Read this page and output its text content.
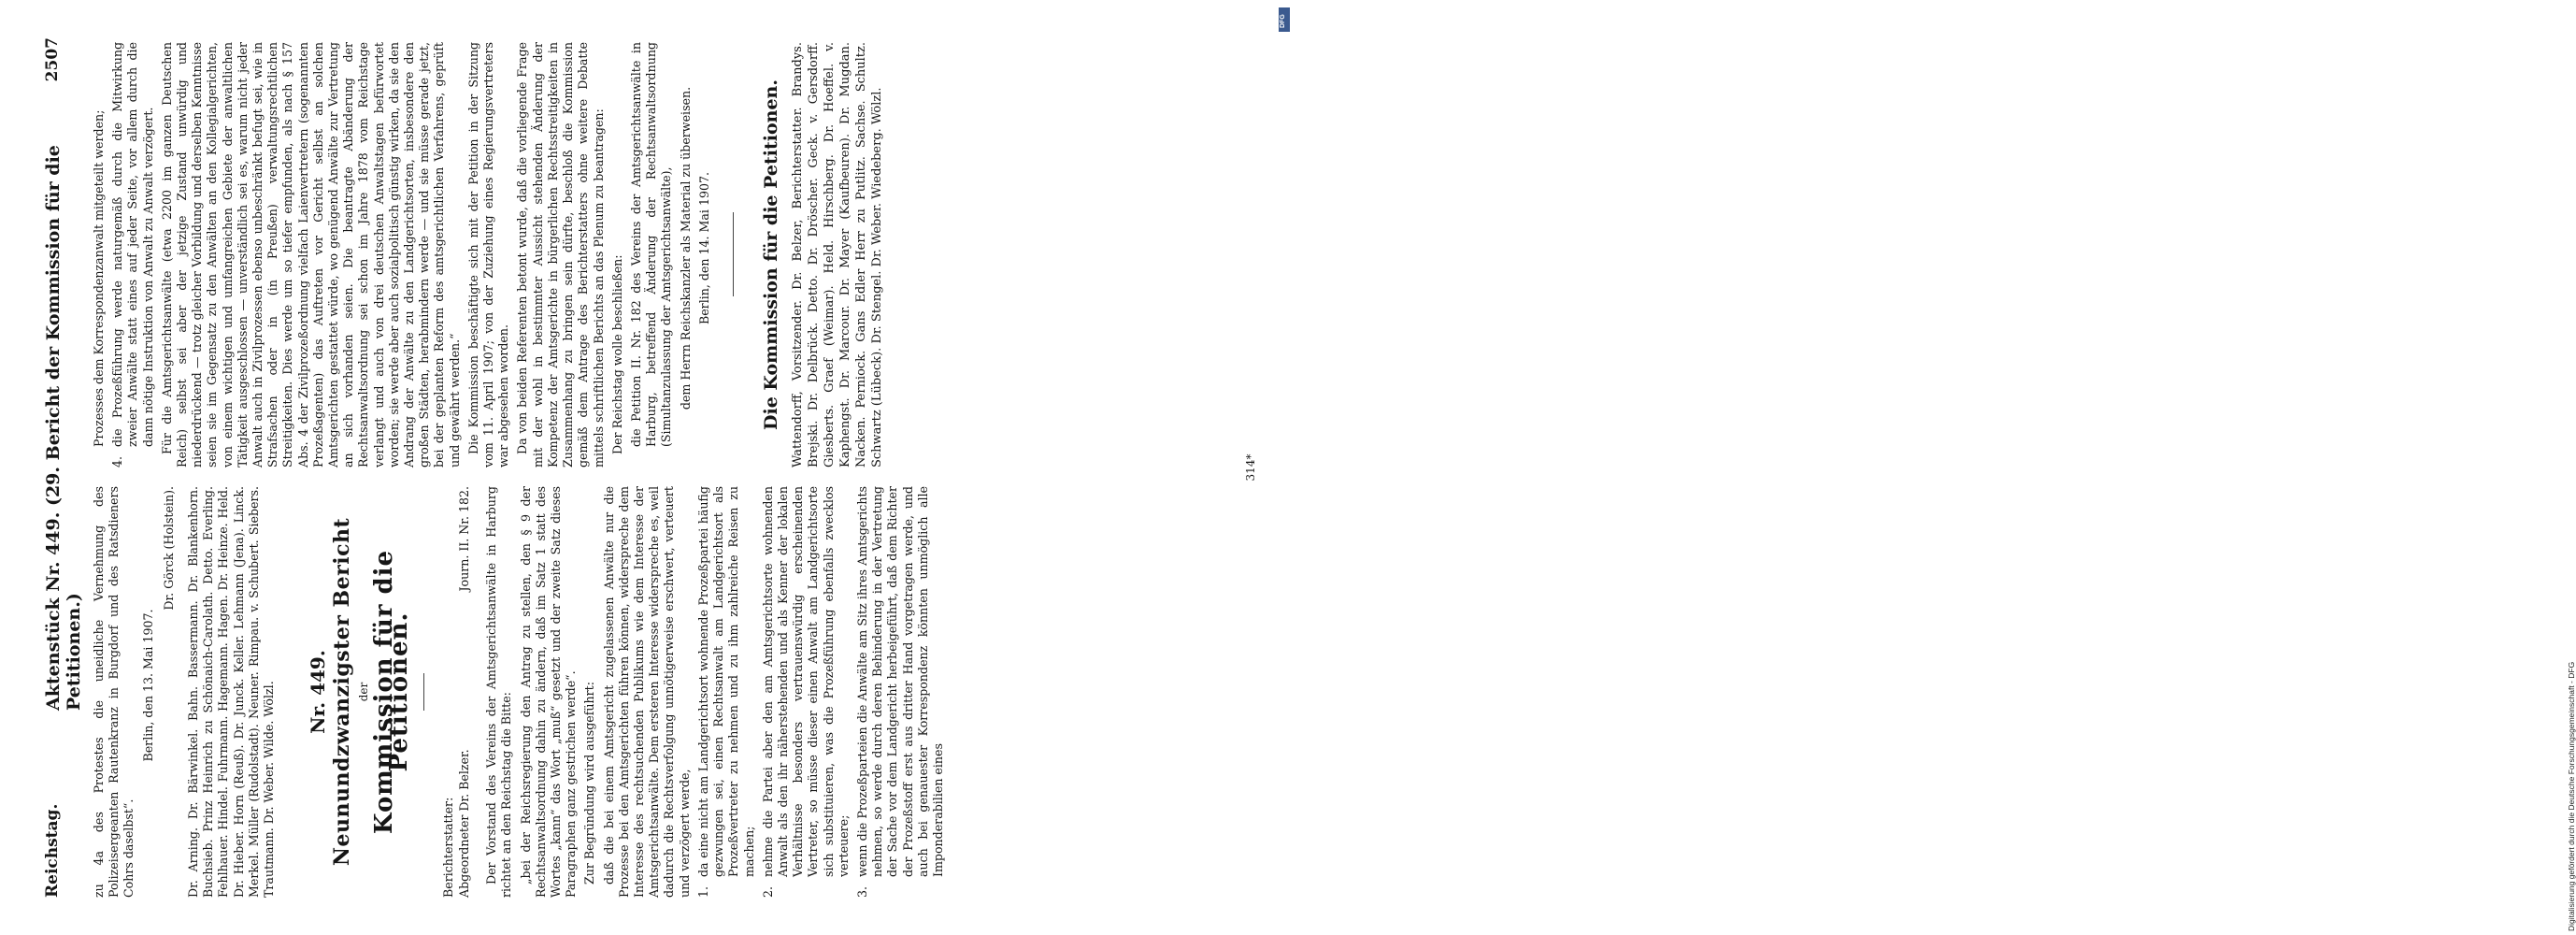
Reichstag.
Aktenstück Nr. 449. (29. Bericht der Kommission für die Petitionen.)
2507

zu 4a des Protestes die uneidliche Vernehmung des Polizeisergeanten Rautenkranz in Burgdorf und des Ratsdieners Cohrs daselbst“.

Berlin, den 13. Mai 1907.

Dr. Görck (Holstein). Dr. Arning. Dr. Bärwinkel. Bahn. Bassermann. Dr. Blankenhorn. Buchsieb. Prinz Heinrich zu Schönaich-Carolath. Detto. Everling. Fehlhauer. Hindel. Fuhrmann. Hagemann. Hagen. Dr. Heinze. Held. Dr. Hieber. Horn (Reuß). Dr. Junck. Keller. Lehmann (Jena). Linck. Merkel. Müller (Rudolstadt). Neuner. Rimpau. v. Schubert. Siebers. Trautmann. Dr. Weber. Wilde. Wölzl. Nr. 449. Neunundzwanzigster Bericht der Kommission für die Petitionen.

Berichterstatter: Abgeordneter Dr. Belzer.
Journ. II. Nr. 182. Der Vorstand des Vereins der Amtsgerichtsanwälte in Harburg richtet an den Reichstag die Bitte: „bei der Reichsregierung den Antrag zu stellen, den § 9 der Rechtsanwaltsordnung dahin zu ändern, daß im Satz 1 statt des Wortes „kann“ das Wort „muß“ gesetzt und der zweite Satz dieses Paragraphen ganz gestrichen werde“. Zur Begründung wird ausgeführt: daß die bei einem Amtsgericht zugelassenen Anwälte nur die Prozesse bei den Amtsgerichten führen können, widerspreche dem Interesse des rechtsuchenden Publikums wie dem Interesse der Amtsgerichtsanwälte. Dem ersteren Interesse widerspreche es, weil dadurch die Rechtsverfolgung unnötigerweise erschwert, verteuert und verzögert werde, 1.
da eine nicht am Landgerichtsort wohnende Prozeßpartei häufig gezwungen sei, einen Rechtsanwalt am Landgerichtsort als Prozeßvertreter zu nehmen und zu ihm zahlreiche Reisen zu machen;

2.
nehme die Partei aber den am Amtsgerichtsorte wohnenden Anwalt als den ihr näherstehenden und als Kenner der lokalen Verhältnisse besonders vertrauenswürdig erscheinenden Vertreter, so müsse dieser einen Anwalt am Landgerichtsorte sich substituieren, was die Prozeßführung ebenfalls zwecklos verteuere;

3.
wenn die Prozeßparteien die Anwälte am Sitz ihres Amtsgerichts nehmen, so werde durch deren Behinderung in der Vertretung der Sache vor dem Landgericht herbeigeführt, daß dem Richter der Prozeßstoff erst aus dritter Hand vorgetragen werde, und auch bei genauester Korrespondenz könnten unmöglich alle Imponderabilien eines

Prozesses dem Korrespondenzanwalt mitgeteilt werden;

4.
die Prozeßführung werde naturgemäß durch die Mitwirkung zweier Anwälte statt eines auf jeder Seite, vor allem durch die dann nötige Instruktion von Anwalt zu Anwalt verzögert. Für die Amtsgerichtsanwälte (etwa 2200 im ganzen Deutschen Reich) selbst sei aber der jetzige Zustand unwürdig und niederdrückend — trotz gleicher Vorbildung und derselben Kenntnisse seien sie im Gegensatz zu den Anwälten an den Kollegialgerichten, von einem wichtigen und umfangreichen Gebiete der anwaltlichen Tätigkeit ausgeschlossen — unverständlich sei es, warum nicht jeder Anwalt auch in Zivilprozessen ebenso unbeschränkt befugt sei, wie in Strafsachen oder in (in Preußen) verwaltungsrechtlichen Streitigkeiten. Dies werde um so tiefer empfunden, als nach § 157 Abs. 4 der Zivilprozeßordnung vielfach Laienvertretern (sogenannten Prozeßagenten) das Auftreten vor Gericht selbst an solchen Amtsgerichten gestattet würde, wo genügend Anwälte zur Vertretung an sich vorhanden seien. Die beantragte Abänderung der Rechtsanwaltsordnung sei schon im Jahre 1878 vom Reichstage verlangt und auch von drei deutschen Anwaltstagen befürwortet worden; sie werde aber auch sozialpolitisch günstig wirken, da sie den Andrang der Anwälte zu den Landgerichtsorten, insbesondere den großen Städten, herabmindern werde — und sie müsse gerade jetzt, bei der geplanten Reform des amtsgerichtlichen Verfahrens, geprüft und gewährt werden.“ Die Kommission beschäftigte sich mit der Petition in der Sitzung vom 11. April 1907; von der Zuziehung eines Regierungsvertreters war abgesehen worden. Da von beiden Referenten betont wurde, daß die vorliegende Frage mit der wohl in bestimmter Aussicht stehenden Änderung der Kompetenz der Amtsgerichte in bürgerlichen Rechtsstreitigkeiten in Zusammenhang zu bringen sein dürfte, beschloß die Kommission gemäß dem Antrage des Berichterstatters ohne weitere Debatte mittels schriftlichen Berichts an das Plenum zu beantragen: Der Reichstag wolle beschließen: die Petition II. Nr. 182 des Vereins der Amtsgerichtsanwälte in Harburg, betreffend Änderung der Rechtsanwaltsordnung (Simultanzulassung der Amtsgerichtsanwälte), dem Herrn Reichskanzler als Material zu überweisen. Berlin, den 14. Mai 1907.	Die Kommission für die Petitionen. Wattendorff, Vorsitzender. Dr. Belzer, Berichterstatter. Brandys. Brejski. Dr. Delbrück. Detto. Dr. Dröscher. Geck. v. Gersdorff. Giesberts. Graef (Weimar). Held. Hirschberg. Dr. Hoeffel. v. Kaphengst. Dr. Marcour. Dr. Mayer (Kaufbeuren). Dr. Mugdan. Nacken. Perniock. Gans Edler Herr zu Putlitz. Sachse. Schultz. Schwartz (Lübeck). Dr. Stengel. Dr. Weber. Wiedeberg. Wölzl.	314*
DFG
Digitalisierung gefördert durch die Deutsche Forschungsgemeinschaft - DFG
